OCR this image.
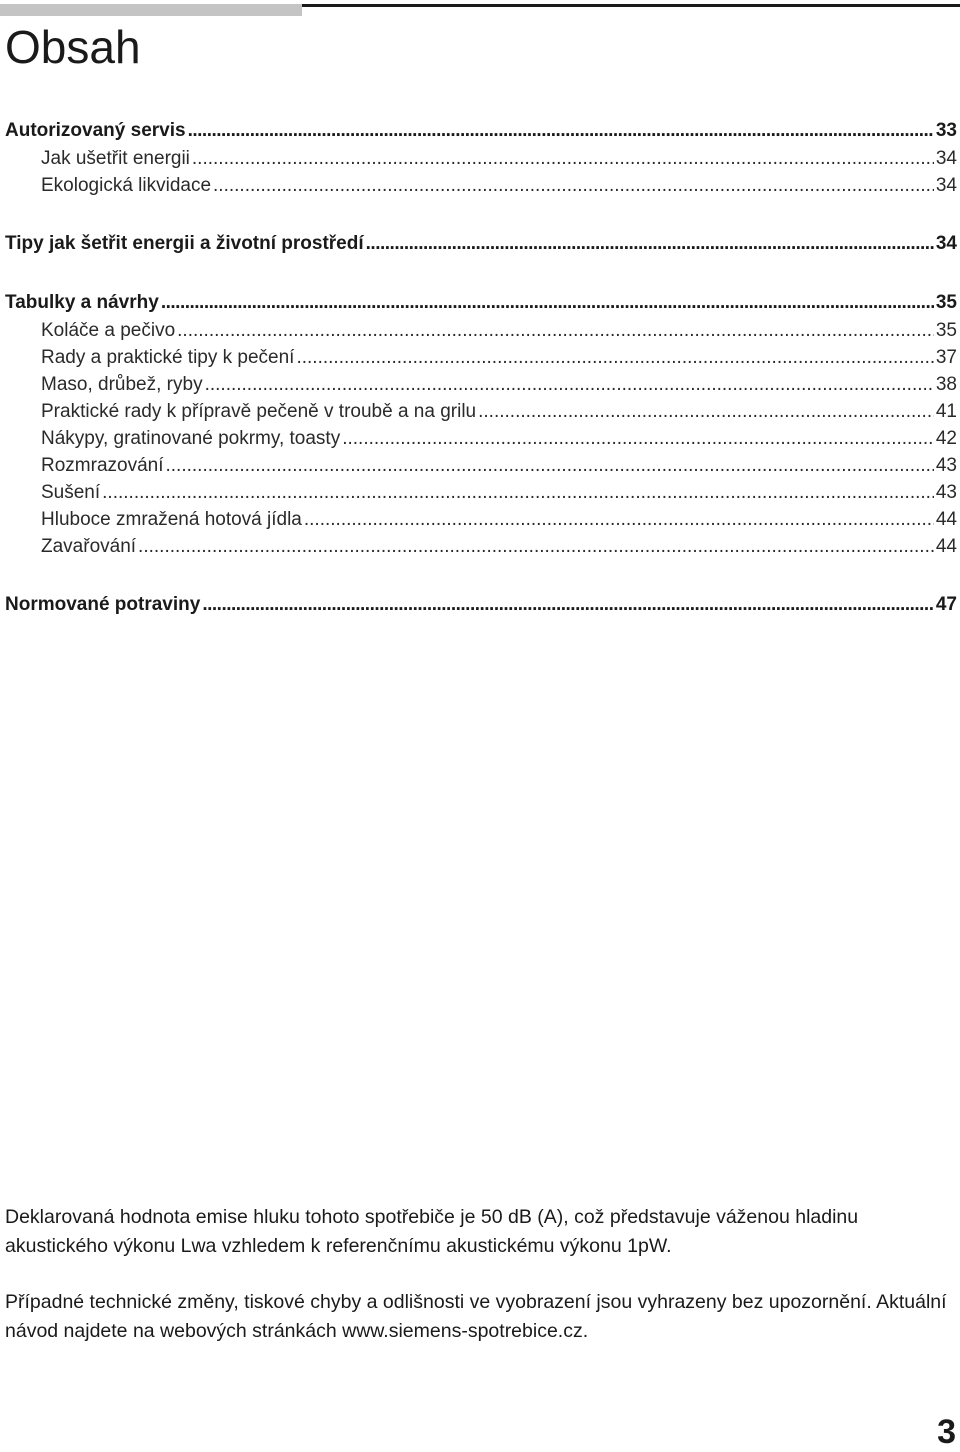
Obsah
Autorizovaný servis .....	33
Jak ušetřit energii .....	34
Ekologická likvidace .....	34
Tipy jak šetřit energii a životní prostředí .....	34
Tabulky a návrhy .....	35
Koláče a pečivo .....	35
Rady a praktické tipy k pečení .....	37
Maso, drůbež, ryby .....	38
Praktické rady k přípravě pečeně v troubě a na grilu .....	41
Nákypy, gratinované pokrmy, toasty .....	42
Rozmrazování .....	43
Sušení .....	43
Hluboce zmražená hotová jídla .....	44
Zavařování .....	44
Normované potraviny .....	47

Deklarovaná hodnota emise hluku tohoto spotřebiče je 50 dB (A), což představuje váženou hladinu akustického výkonu Lwa vzhledem k referenčnímu akustickému výkonu 1pW.

Případné technické změny, tiskové chyby a odlišnosti ve vyobrazení jsou vyhrazeny bez upozornění. Aktuální návod najdete na webových stránkách www.siemens-spotrebice.cz.

3
